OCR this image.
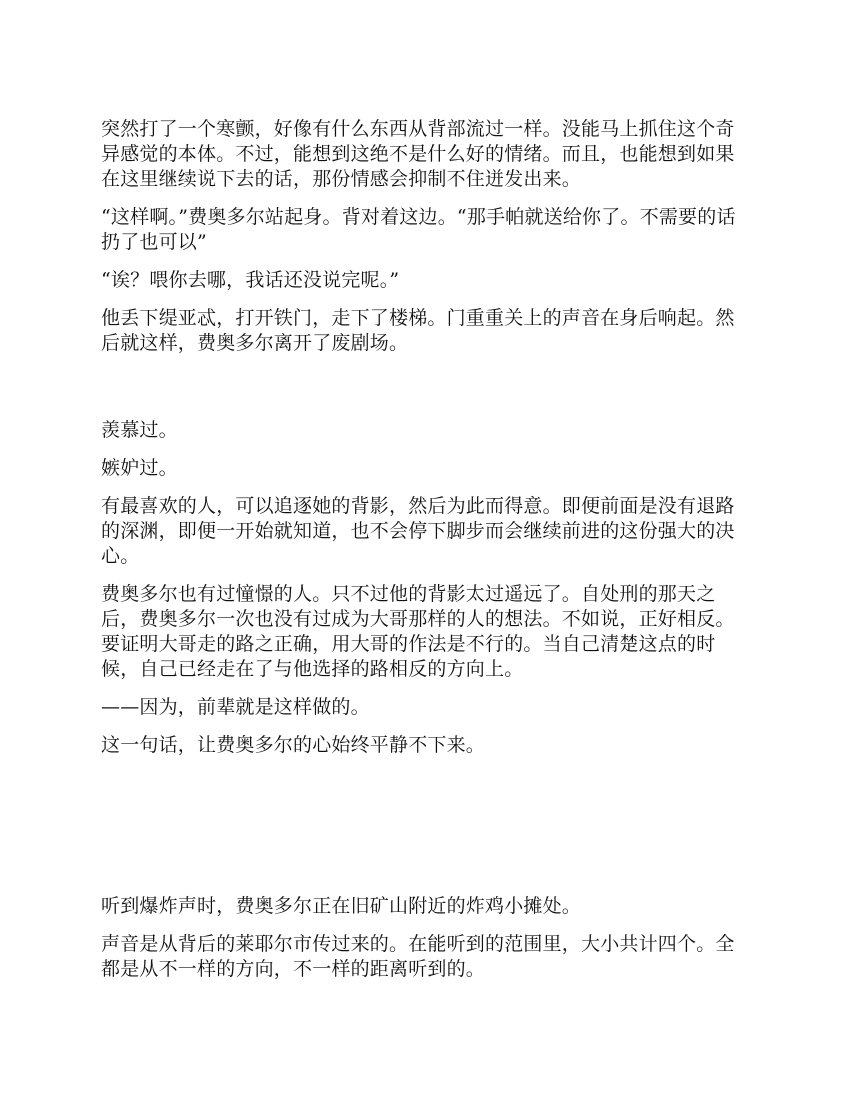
突然打了一个寒颤，好像有什么东西从背部流过一样。没能马上抓住这个奇异感觉的本体。不过，能想到这绝不是什么好的情绪。而且，也能想到如果在这里继续说下去的话，那份情感会抑制不住迸发出来。

“这样啊。”费奥多尔站起身。背对着这边。“那手帕就送给你了。不需要的话扔了也可以”

“诶？喂你去哪，我话还没说完呢。”

他丢下缇亚忒，打开铁门，走下了楼梯。门重重关上的声音在身后响起。然后就这样，费奥多尔离开了废剧场。

羡慕过。

嫉妒过。

有最喜欢的人，可以追逐她的背影，然后为此而得意。即便前面是没有退路的深渊，即便一开始就知道，也不会停下脚步而会继续前进的这份强大的决心。

费奥多尔也有过憧憬的人。只不过他的背影太过遥远了。自处刑的那天之后，费奥多尔一次也没有过成为大哥那样的人的想法。不如说，正好相反。要证明大哥走的路之正确，用大哥的作法是不行的。当自己清楚这点的时候，自己已经走在了与他选择的路相反的方向上。

——因为，前辈就是这样做的。

这一句话，让费奥多尔的心始终平静不下来。

听到爆炸声时，费奥多尔正在旧矿山附近的炸鸡小摊处。

声音是从背后的莱耶尔市传过来的。在能听到的范围里，大小共计四个。全都是从不一样的方向，不一样的距离听到的。
